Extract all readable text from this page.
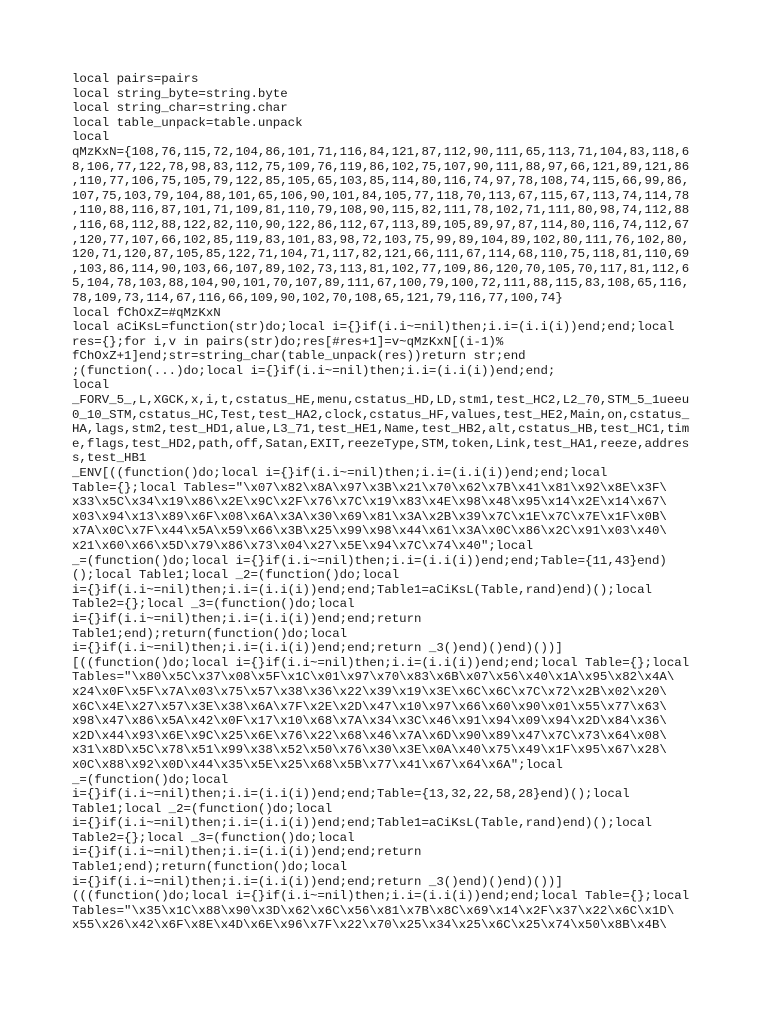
local pairs=pairs
local string_byte=string.byte
local string_char=string.char
local table_unpack=table.unpack
local
qMzKxN={108,76,115,72,104,86,101,71,116,84,121,87,112,90,111,65,113,71,104,83,118,6
8,106,77,122,78,98,83,112,75,109,76,119,86,102,75,107,90,111,88,97,66,121,89,121,86
,110,77,106,75,105,79,122,85,105,65,103,85,114,80,116,74,97,78,108,74,115,66,99,86,
107,75,103,79,104,88,101,65,106,90,101,84,105,77,118,70,113,67,115,67,113,74,114,78
,110,88,116,87,101,71,109,81,110,79,108,90,115,82,111,78,102,71,111,80,98,74,112,88
,116,68,112,88,122,82,110,90,122,86,112,67,113,89,105,89,97,87,114,80,116,74,112,67
,120,77,107,66,102,85,119,83,101,83,98,72,103,75,99,89,104,89,102,80,111,76,102,80,
120,71,120,87,105,85,122,71,104,71,117,82,121,66,111,67,114,68,110,75,118,81,110,69
,103,86,114,90,103,66,107,89,102,73,113,81,102,77,109,86,120,70,105,70,117,81,112,6
5,104,78,103,88,104,90,101,70,107,89,111,67,100,79,100,72,111,88,115,83,108,65,116,
78,109,73,114,67,116,66,109,90,102,70,108,65,121,79,116,77,100,74}
local fChOxZ=#qMzKxN
local aCiKsL=function(str)do;local i={}if(i.i~=nil)then;i.i=(i.i(i))end;end;local
res={};for i,v in pairs(str)do;res[#res+1]=v~qMzKxN[(i-1)%
fChOxZ+1]end;str=string_char(table_unpack(res))return str;end
;(function(...)do;local i={}if(i.i~=nil)then;i.i=(i.i(i))end;end;
local
_FORV_5_,L,XGCK,x,i,t,cstatus_HE,menu,cstatus_HD,LD,stm1,test_HC2,L2_70,STM_5_1ueeu
0_10_STM,cstatus_HC,Test,test_HA2,clock,cstatus_HF,values,test_HE2,Main,on,cstatus_
HA,lags,stm2,test_HD1,alue,L3_71,test_HE1,Name,test_HB2,alt,cstatus_HB,test_HC1,tim
e,flags,test_HD2,path,off,Satan,EXIT,reezeType,STM,token,Link,test_HA1,reeze,addres
s,test_HB1
_ENV[((function()do;local i={}if(i.i~=nil)then;i.i=(i.i(i))end;end;local
Table={};local Tables="\x07\x82\x8A\x97\x3B\x21\x70\x62\x7B\x41\x81\x92\x8E\x3F\
x33\x5C\x34\x19\x86\x2E\x9C\x2F\x76\x7C\x19\x83\x4E\x98\x48\x95\x14\x2E\x14\x67\
x03\x94\x13\x89\x6F\x08\x6A\x3A\x30\x69\x81\x3A\x2B\x39\x7C\x1E\x7C\x7E\x1F\x0B\
x7A\x0C\x7F\x44\x5A\x59\x66\x3B\x25\x99\x98\x44\x61\x3A\x0C\x86\x2C\x91\x03\x40\
x21\x60\x66\x5D\x79\x86\x73\x04\x27\x5E\x94\x7C\x74\x40";local
_=(function()do;local i={}if(i.i~=nil)then;i.i=(i.i(i))end;end;Table={11,43}end)
();local Table1;local _2=(function()do;local
i={}if(i.i~=nil)then;i.i=(i.i(i))end;end;Table1=aCiKsL(Table,rand)end)();local
Table2={};local _3=(function()do;local
i={}if(i.i~=nil)then;i.i=(i.i(i))end;end;return
Table1;end);return(function()do;local
i={}if(i.i~=nil)then;i.i=(i.i(i))end;end;return _3()end)()end)())]
[((function()do;local i={}if(i.i~=nil)then;i.i=(i.i(i))end;end;local Table={};local
Tables="\x80\x5C\x37\x08\x5F\x1C\x01\x97\x70\x83\x6B\x07\x56\x40\x1A\x95\x82\x4A\
x24\x0F\x5F\x7A\x03\x75\x57\x38\x36\x22\x39\x19\x3E\x6C\x6C\x7C\x72\x2B\x02\x20\
x6C\x4E\x27\x57\x3E\x38\x6A\x7F\x2E\x2D\x47\x10\x97\x66\x60\x90\x01\x55\x77\x63\
x98\x47\x86\x5A\x42\x0F\x17\x10\x68\x7A\x34\x3C\x46\x91\x94\x09\x94\x2D\x84\x36\
x2D\x44\x93\x6E\x9C\x25\x6E\x76\x22\x68\x46\x7A\x6D\x90\x89\x47\x7C\x73\x64\x08\
x31\x8D\x5C\x78\x51\x99\x38\x52\x50\x76\x30\x3E\x0A\x40\x75\x49\x1F\x95\x67\x28\
x0C\x88\x92\x0D\x44\x35\x5E\x25\x68\x5B\x77\x41\x67\x64\x6A";local
_=(function()do;local
i={}if(i.i~=nil)then;i.i=(i.i(i))end;end;Table={13,32,22,58,28}end)();local
Table1;local _2=(function()do;local
i={}if(i.i~=nil)then;i.i=(i.i(i))end;end;Table1=aCiKsL(Table,rand)end)();local
Table2={};local _3=(function()do;local
i={}if(i.i~=nil)then;i.i=(i.i(i))end;end;return
Table1;end);return(function()do;local
i={}if(i.i~=nil)then;i.i=(i.i(i))end;end;return _3()end)()end)())]
(((function()do;local i={}if(i.i~=nil)then;i.i=(i.i(i))end;end;local Table={};local
Tables="\x35\x1C\x88\x90\x3D\x62\x6C\x56\x81\x7B\x8C\x69\x14\x2F\x37\x22\x6C\x1D\
x55\x26\x42\x6F\x8E\x4D\x6E\x96\x7F\x22\x70\x25\x34\x25\x6C\x25\x74\x50\x8B\x4B\
